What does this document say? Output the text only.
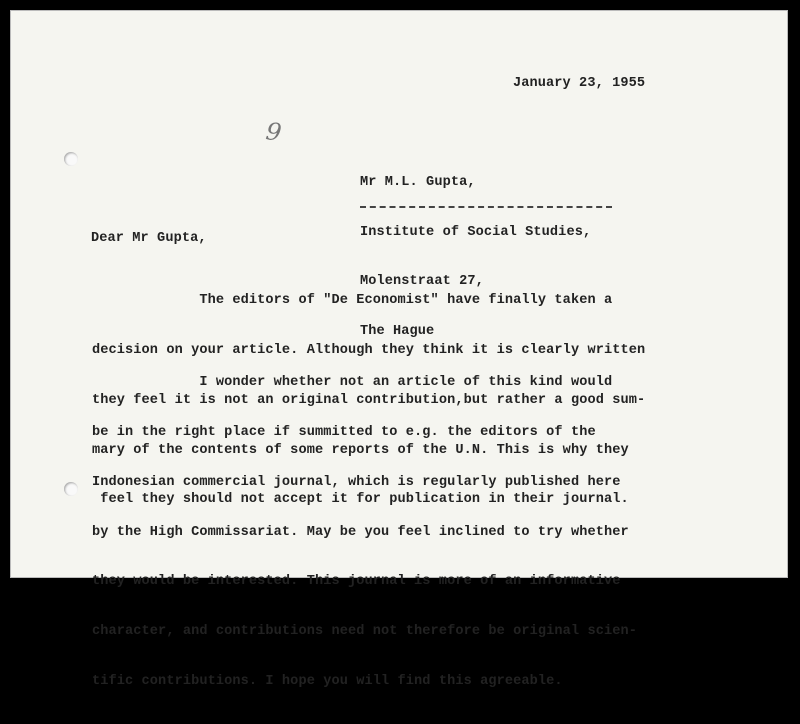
January 23, 1955
9

Mr M.L. Gupta,

Institute of Social Studies,

Molenstraat 27,

The Hague

Dear Mr Gupta,

The editors of "De Economist" have finally taken a

decision on your article. Although they think it is clearly written

they feel it is not an original contribution,but rather a good sum-

mary of the contents of some reports of the U.N. This is why they

feel they should not accept it for publication in their journal.

I wonder whether not an article of this kind would

be in the right place if summitted to e.g. the editors of the

Indonesian commercial journal, which is regularly published here

by the High Commissariat. May be you feel inclined to try whether

they would be interested. This journal is more of an informative

character, and contributions need not therefore be original scien-

tific contributions. I hope you will find this agreeable.
